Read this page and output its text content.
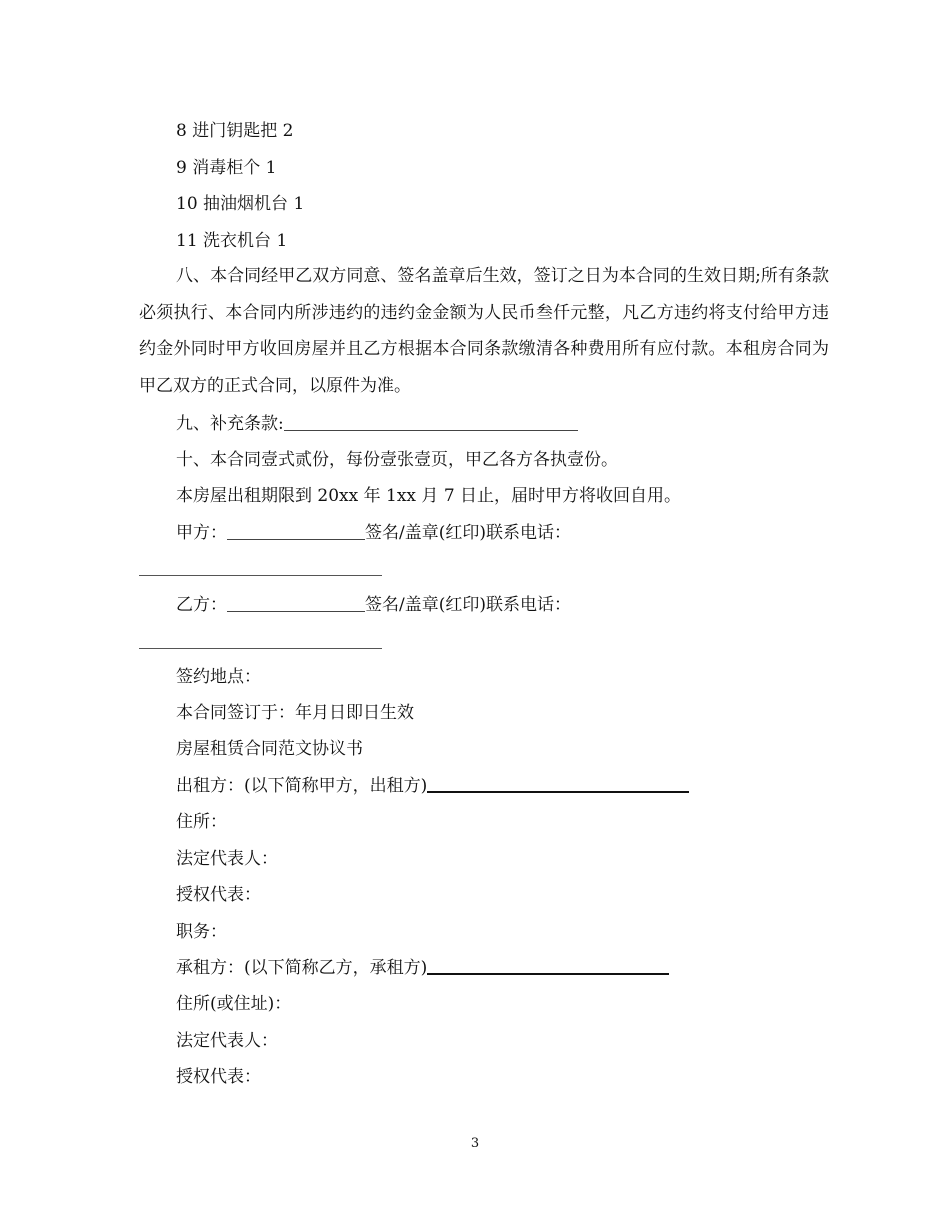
8 进门钥匙把 2
9 消毒柜个 1
10 抽油烟机台 1
11 洗衣机台 1
八、本合同经甲乙双方同意、签名盖章后生效，签订之日为本合同的生效日期;所有条款必须执行、本合同内所涉违约的违约金金额为人民币叁仟元整，凡乙方违约将支付给甲方违约金外同时甲方收回房屋并且乙方根据本合同条款缴清各种费用所有应付款。本租房合同为甲乙双方的正式合同，以原件为准。
九、补充条款:
十、本合同壹式贰份，每份壹张壹页，甲乙各方各执壹份。
本房屋出租期限到 20xx 年 1xx 月 7 日止，届时甲方将收回自用。
甲方：	签名/盖章(红印)联系电话：
乙方：	签名/盖章(红印)联系电话：
签约地点：
本合同签订于：年月日即日生效
房屋租赁合同范文协议书
出租方：(以下简称甲方，出租方)
住所：
法定代表人：
授权代表：
职务：
承租方：(以下简称乙方，承租方)
住所(或住址)：
法定代表人：
授权代表：
3
